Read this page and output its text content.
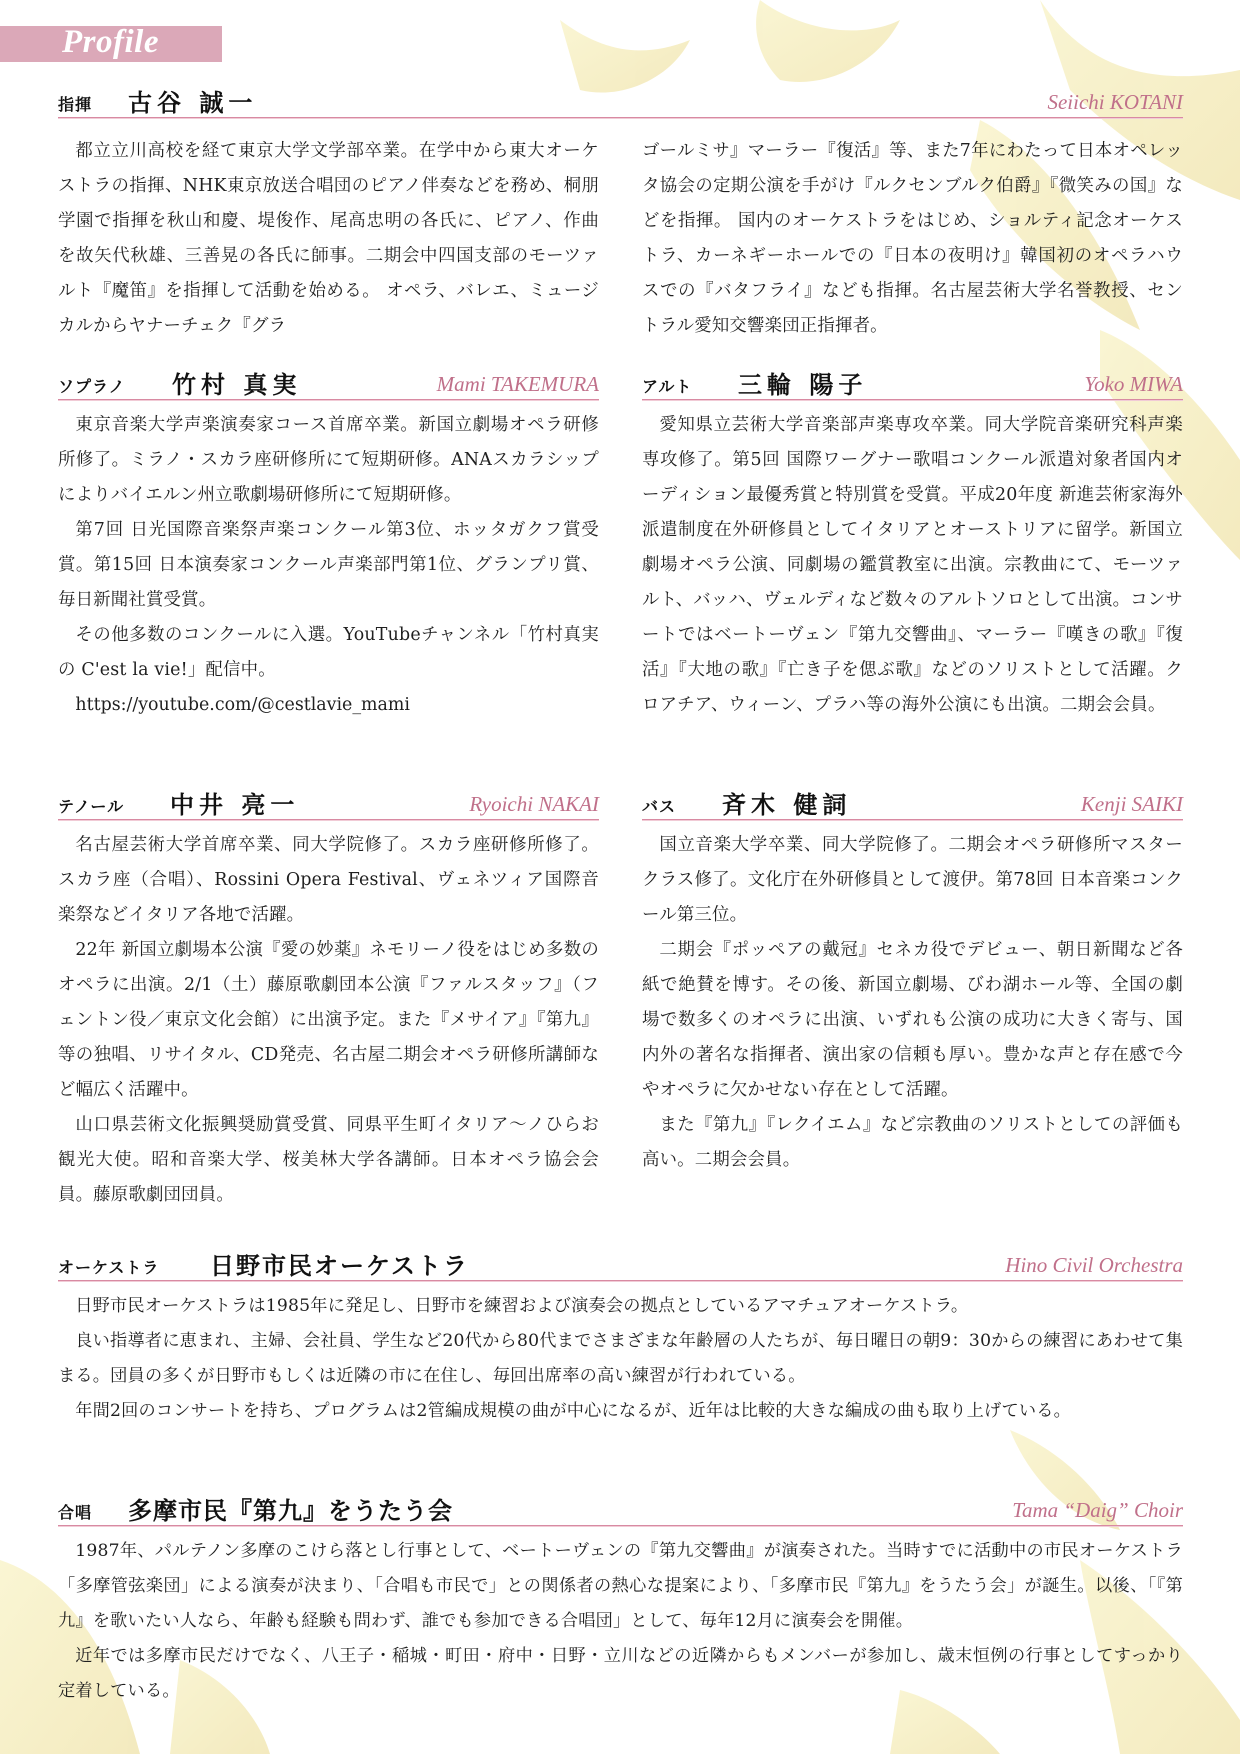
Profile
指揮 古谷 誠一	Seiichi KOTANI

都立立川高校を経て東京大学文学部卒業。在学中から東大オーケストラの指揮、NHK東京放送合唱団のピアノ伴奏などを務め、桐朋学園で指揮を秋山和慶、堤俊作、尾高忠明の各氏に、ピアノ、作曲を故矢代秋雄、三善晃の各氏に師事。二期会中四国支部のモーツァルト『魔笛』を指揮して活動を始める。 オペラ、バレエ、ミュージカルからヤナーチェク『グラ

ゴールミサ』マーラー『復活』等、また7年にわたって日本オペレッタ協会の定期公演を手がけ『ルクセンブルク伯爵』『微笑みの国』などを指揮。 国内のオーケストラをはじめ、ショルティ記念オーケストラ、カーネギーホールでの『日本の夜明け』韓国初のオペラハウスでの『バタフライ』なども指揮。名古屋芸術大学名誉教授、セントラル愛知交響楽団正指揮者。

ソプラノ 竹村 真実	Mami TAKEMURA

東京音楽大学声楽演奏家コース首席卒業。新国立劇場オペラ研修所修了。ミラノ・スカラ座研修所にて短期研修。ANAスカラシップによりバイエルン州立歌劇場研修所にて短期研修。

第7回 日光国際音楽祭声楽コンクール第3位、ホッタガクフ賞受賞。第15回 日本演奏家コンクール声楽部門第1位、グランプリ賞、毎日新聞社賞受賞。

その他多数のコンクールに入選。YouTubeチャンネル「竹村真実の C'est la vie!」配信中。

https://youtube.com/@cestlavie_mami

アルト 三輪 陽子	Yoko MIWA

愛知県立芸術大学音楽部声楽専攻卒業。同大学院音楽研究科声楽専攻修了。第5回 国際ワーグナー歌唱コンクール派遣対象者国内オーディション最優秀賞と特別賞を受賞。平成20年度 新進芸術家海外派遣制度在外研修員としてイタリアとオーストリアに留学。新国立劇場オペラ公演、同劇場の鑑賞教室に出演。宗教曲にて、モーツァルト、バッハ、ヴェルディなど数々のアルトソロとして出演。コンサートではベートーヴェン『第九交響曲』、マーラー『嘆きの歌』『復活』『大地の歌』『亡き子を偲ぶ歌』などのソリストとして活躍。クロアチア、ウィーン、プラハ等の海外公演にも出演。二期会会員。

テノール 中井 亮一	Ryoichi NAKAI

名古屋芸術大学首席卒業、同大学院修了。スカラ座研修所修了。スカラ座（合唱）、Rossini Opera Festival、ヴェネツィア国際音楽祭などイタリア各地で活躍。

22年 新国立劇場本公演『愛の妙薬』ネモリーノ役をはじめ多数のオペラに出演。2/1（土）藤原歌劇団本公演『ファルスタッフ』（フェントン役／東京文化会館）に出演予定。また『メサイア』『第九』等の独唱、リサイタル、CD発売、名古屋二期会オペラ研修所講師など幅広く活躍中。

山口県芸術文化振興奨励賞受賞、同県平生町イタリア〜ノひらお観光大使。昭和音楽大学、桜美林大学各講師。日本オペラ協会会員。藤原歌劇団団員。

バス 斉木 健詞	Kenji SAIKI

国立音楽大学卒業、同大学院修了。二期会オペラ研修所マスタークラス修了。文化庁在外研修員として渡伊。第78回 日本音楽コンクール第三位。

二期会『ポッペアの戴冠』セネカ役でデビュー、朝日新聞など各紙で絶賛を博す。その後、新国立劇場、びわ湖ホール等、全国の劇場で数多くのオペラに出演、いずれも公演の成功に大きく寄与、国内外の著名な指揮者、演出家の信頼も厚い。豊かな声と存在感で今やオペラに欠かせない存在として活躍。

また『第九』『レクイエム』など宗教曲のソリストとしての評価も高い。二期会会員。

オーケストラ 日野市民オーケストラ	Hino Civil Orchestra

日野市民オーケストラは1985年に発足し、日野市を練習および演奏会の拠点としているアマチュアオーケストラ。

良い指導者に恵まれ、主婦、会社員、学生など20代から80代までさまざまな年齢層の人たちが、毎日曜日の朝9：30からの練習にあわせて集まる。団員の多くが日野市もしくは近隣の市に在住し、毎回出席率の高い練習が行われている。

年間2回のコンサートを持ち、プログラムは2管編成規模の曲が中心になるが、近年は比較的大きな編成の曲も取り上げている。

合唱 多摩市民『第九』をうたう会	Tama “Daig” Choir

1987年、パルテノン多摩のこけら落とし行事として、ベートーヴェンの『第九交響曲』が演奏された。当時すでに活動中の市民オーケストラ「多摩管弦楽団」による演奏が決まり、「合唱も市民で」との関係者の熱心な提案により、「多摩市民『第九』をうたう会」が誕生。以後、「『第九』を歌いたい人なら、年齢も経験も問わず、誰でも参加できる合唱団」として、毎年12月に演奏会を開催。

近年では多摩市民だけでなく、八王子・稲城・町田・府中・日野・立川などの近隣からもメンバーが参加し、歳末恒例の行事としてすっかり定着している。
